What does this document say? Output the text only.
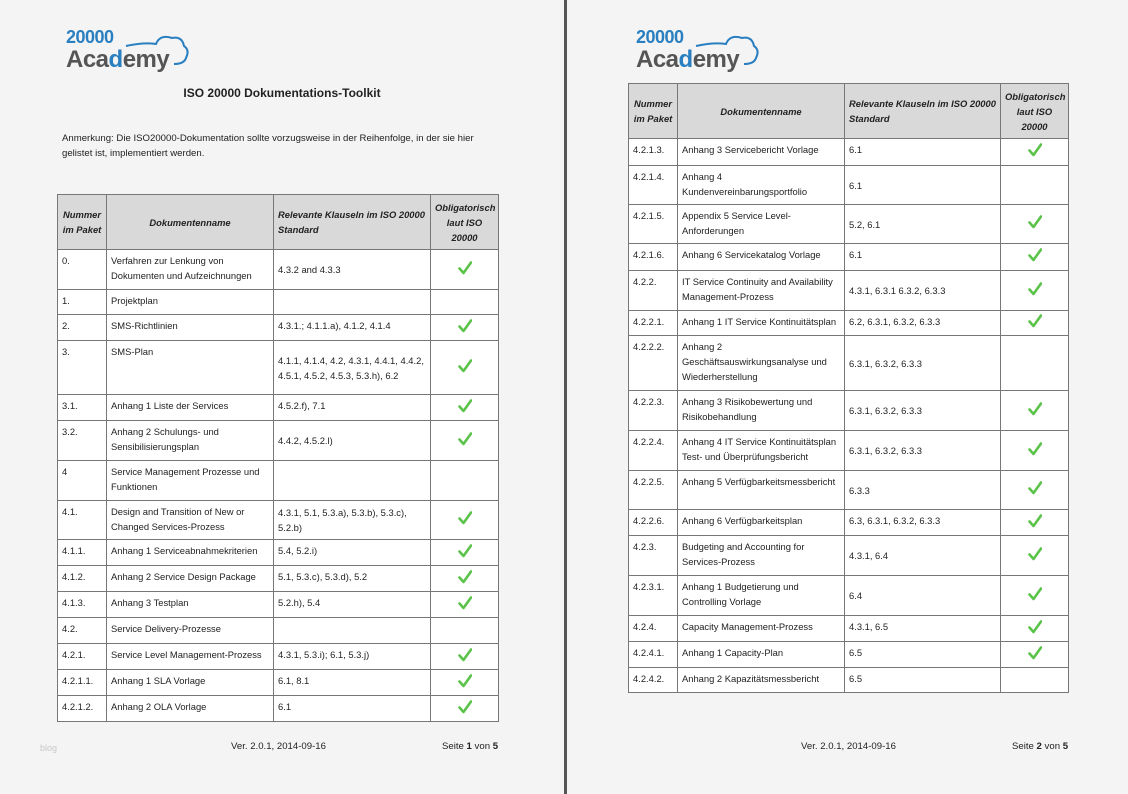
20000
Academy
ISO 20000 Dokumentations-Toolkit
Anmerkung: Die ISO20000-Dokumentation sollte vorzugsweise in der Reihenfolge, in der sie hier gelistet ist, implementiert werden.
Nummer im Paket	Dokumentenname	Relevante Klauseln im ISO 20000 Standard	Obligatorisch laut ISO 20000
0.	Verfahren zur Lenkung von Dokumenten und Aufzeichnungen	4.3.2 and 4.3.3	
1.	Projektplan		
2.	SMS-Richtlinien	4.3.1.; 4.1.1.a), 4.1.2, 4.1.4	
3.	SMS-Plan	4.1.1, 4.1.4, 4.2, 4.3.1, 4.4.1, 4.4.2, 4.5.1, 4.5.2, 4.5.3, 5.3.h), 6.2	
3.1.	Anhang 1 Liste der Services	4.5.2.f), 7.1	
3.2.	Anhang 2 Schulungs- und Sensibilisierungsplan	4.4.2, 4.5.2.l)	
4	Service Management Prozesse und Funktionen		
4.1.	Design and Transition of New or Changed Services-Prozess	4.3.1, 5.1, 5.3.a), 5.3.b), 5.3.c), 5.2.b)	
4.1.1.	Anhang 1 Serviceabnahmekriterien	5.4, 5.2.i)	
4.1.2.	Anhang 2 Service Design Package	5.1, 5.3.c), 5.3.d), 5.2	
4.1.3.	Anhang 3 Testplan	5.2.h), 5.4	
4.2.	Service Delivery-Prozesse		
4.2.1.	Service Level Management-Prozess	4.3.1, 5.3.i); 6.1, 5.3.j)	
4.2.1.1.	Anhang 1 SLA Vorlage	6.1, 8.1	
4.2.1.2.	Anhang 2 OLA Vorlage	6.1	
blog	Ver. 2.0.1, 2014-09-16	Seite 1 von 5
20000
Academy
Nummer im Paket	Dokumentenname	Relevante Klauseln im ISO 20000 Standard	Obligatorisch laut ISO 20000
4.2.1.3.	Anhang 3 Servicebericht Vorlage	6.1	
4.2.1.4.	Anhang 4 Kundenvereinbarungsportfolio	6.1	
4.2.1.5.	Appendix 5 Service Level-Anforderungen	5.2, 6.1	
4.2.1.6.	Anhang 6 Servicekatalog Vorlage	6.1	
4.2.2.	IT Service Continuity and Availability Management-Prozess	4.3.1, 6.3.1 6.3.2, 6.3.3	
4.2.2.1.	Anhang 1 IT Service Kontinuitätsplan	6.2, 6.3.1, 6.3.2, 6.3.3	
4.2.2.2.	Anhang 2 Geschäftsauswirkungsanalyse und Wiederherstellung	6.3.1, 6.3.2, 6.3.3	
4.2.2.3.	Anhang 3 Risikobewertung und Risikobehandlung	6.3.1, 6.3.2, 6.3.3	
4.2.2.4.	Anhang 4 IT Service Kontinuitätsplan Test- und Überprüfungsbericht	6.3.1, 6.3.2, 6.3.3	
4.2.2.5.	Anhang 5 Verfügbarkeitsmessbericht	6.3.3	
4.2.2.6.	Anhang 6 Verfügbarkeitsplan	6.3, 6.3.1, 6.3.2, 6.3.3	
4.2.3.	Budgeting and Accounting for Services-Prozess	4.3.1, 6.4	
4.2.3.1.	Anhang 1 Budgetierung und Controlling Vorlage	6.4	
4.2.4.	Capacity Management-Prozess	4.3.1, 6.5	
4.2.4.1.	Anhang 1 Capacity-Plan	6.5	
4.2.4.2.	Anhang 2 Kapazitätsmessbericht	6.5	
Ver. 2.0.1, 2014-09-16	Seite 2 von 5
